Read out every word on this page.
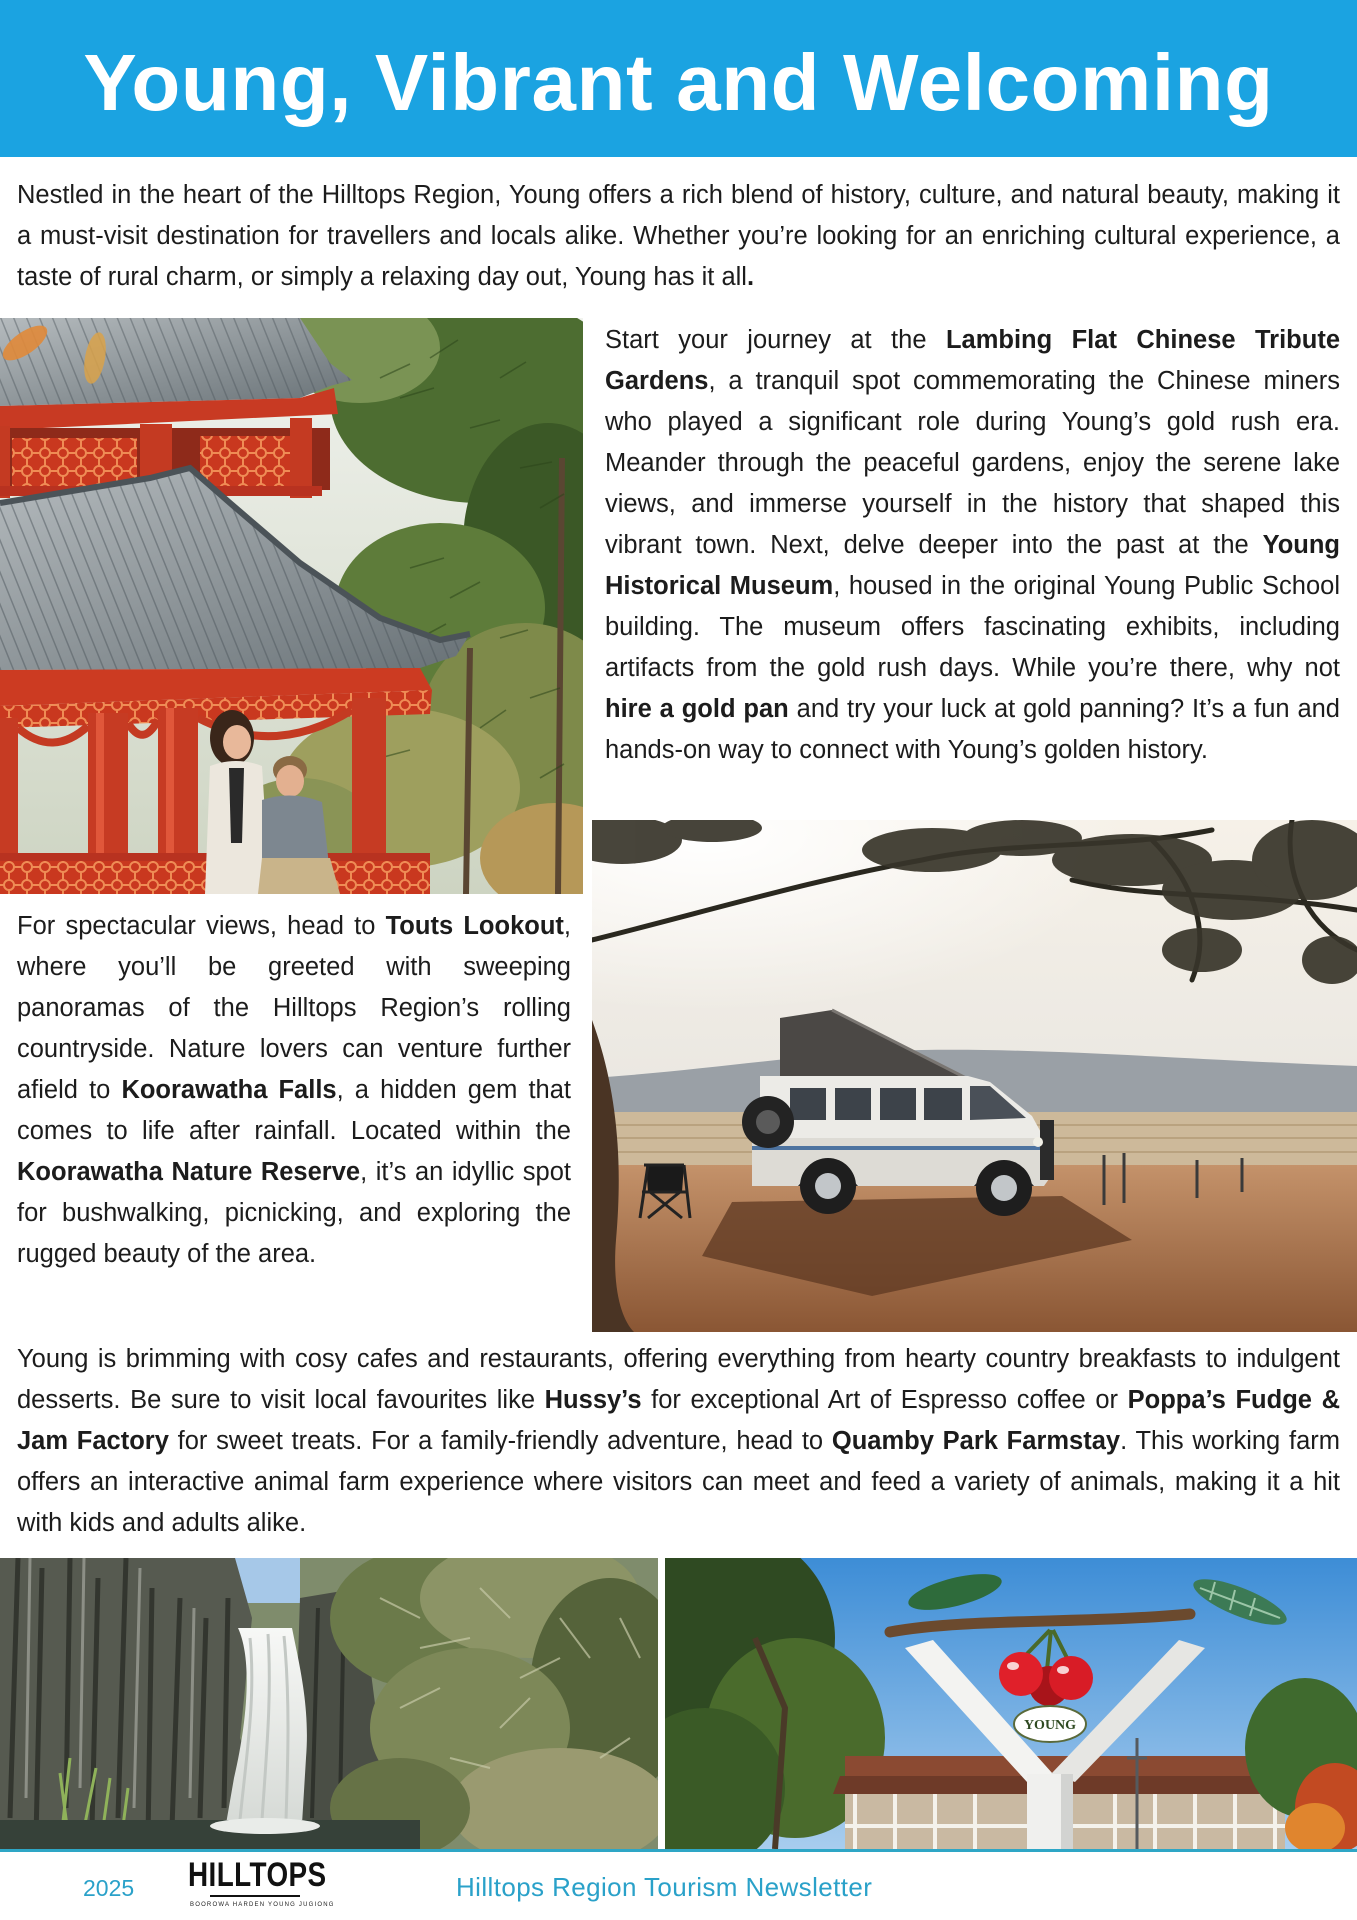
Young, Vibrant and Welcoming

Nestled in the heart of the Hilltops Region, Young offers a rich blend of history, culture, and natural beauty, making it a must-visit destination for travellers and locals alike. Whether you’re looking for an enriching cultural experience, a taste of rural charm, or simply a relaxing day out, Young has it all.

Start your journey at the Lambing Flat Chinese Tribute Gardens, a tranquil spot commemorating the Chinese miners who played a significant role during Young’s gold rush era. Meander through the peaceful gardens, enjoy the serene lake views, and immerse yourself in the history that shaped this vibrant town. Next, delve deeper into the past at the Young Historical Museum, housed in the original Young Public School building. The museum offers fascinating exhibits, including artifacts from the gold rush days. While you’re there, why not hire a gold pan and try your luck at gold panning? It’s a fun and hands-on way to connect with Young’s golden history.

For spectacular views, head to Touts Lookout, where you’ll be greeted with sweeping panoramas of the Hilltops Region’s rolling countryside. Nature lovers can venture further afield to Koorawatha Falls, a hidden gem that comes to life after rainfall. Located within the Koorawatha Nature Reserve, it’s an idyllic spot for bushwalking, picnicking, and exploring the rugged beauty of the area.

Young is brimming with cosy cafes and restaurants, offering everything from hearty country breakfasts to indulgent desserts. Be sure to visit local favourites like Hussy’s for exceptional Art of Espresso coffee or Poppa’s Fudge & Jam Factory for sweet treats. For a family-friendly adventure, head to Quamby Park Farmstay. This working farm offers an interactive animal farm experience where visitors can meet and feed a variety of animals, making it a hit with kids and adults alike.

YOUNG
2025 HILLTOPS
BOOROWA HARDEN YOUNG JUGIONG
Hilltops Region Tourism Newsletter
